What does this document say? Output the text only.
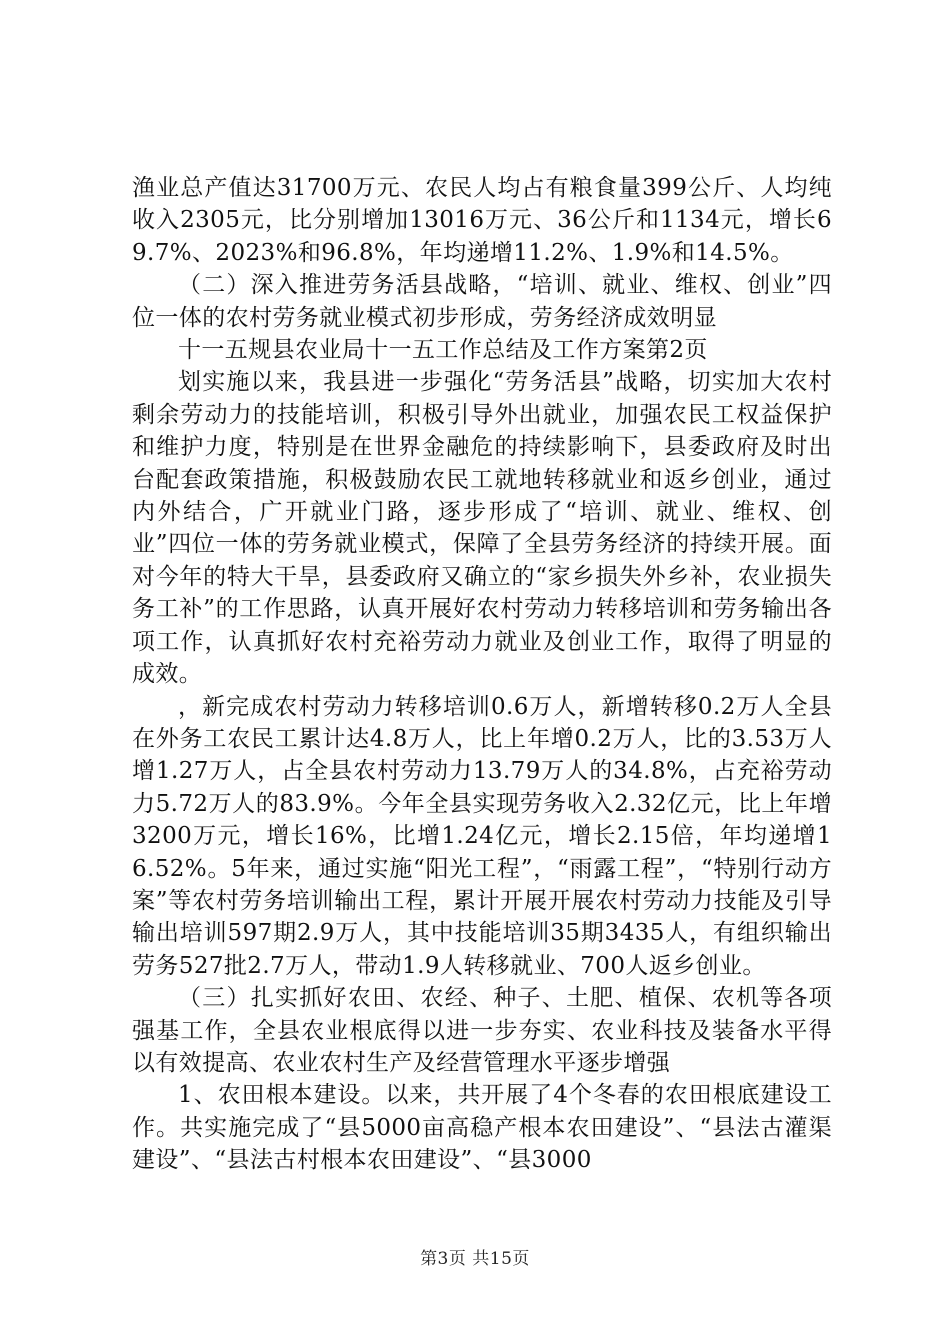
渔业总产值达31700万元、农民人均占有粮食量399公斤、人均纯收入2305元，比分别增加13016万元、36公斤和1134元，增长69.7%、2023%和96.8%，年均递增11.2%、1.9%和14.5%。

（二）深入推进劳务活县战略，“培训、就业、维权、创业”四位一体的农村劳务就业模式初步形成，劳务经济成效明显

十一五规县农业局十一五工作总结及工作方案第2页

划实施以来，我县进一步强化“劳务活县”战略，切实加大农村剩余劳动力的技能培训，积极引导外出就业，加强农民工权益保护和维护力度，特别是在世界金融危的持续影响下，县委政府及时出台配套政策措施，积极鼓励农民工就地转移就业和返乡创业，通过内外结合，广开就业门路，逐步形成了“培训、就业、维权、创业”四位一体的劳务就业模式，保障了全县劳务经济的持续开展。面对今年的特大干旱，县委政府又确立的“家乡损失外乡补，农业损失务工补”的工作思路，认真开展好农村劳动力转移培训和劳务输出各项工作，认真抓好农村充裕劳动力就业及创业工作，取得了明显的成效。

，新完成农村劳动力转移培训0.6万人，新增转移0.2万人全县在外务工农民工累计达4.8万人，比上年增0.2万人，比的3.53万人增1.27万人，占全县农村劳动力13.79万人的34.8%，占充裕劳动力5.72万人的83.9%。今年全县实现劳务收入2.32亿元，比上年增3200万元，增长16%，比增1.24亿元，增长2.15倍，年均递增16.52%。5年来，通过实施“阳光工程”，“雨露工程”，“特别行动方案”等农村劳务培训输出工程，累计开展开展农村劳动力技能及引导输出培训597期2.9万人，其中技能培训35期3435人，有组织输出劳务527批2.7万人，带动1.9人转移就业、700人返乡创业。

（三）扎实抓好农田、农经、种子、土肥、植保、农机等各项强基工作，全县农业根底得以进一步夯实、农业科技及装备水平得以有效提高、农业农村生产及经营管理水平逐步增强

1、农田根本建设。以来，共开展了4个冬春的农田根底建设工作。共实施完成了“县5000亩高稳产根本农田建设”、“县法古灌渠建设”、“县法古村根本农田建设”、“县3000

第3页 共15页
